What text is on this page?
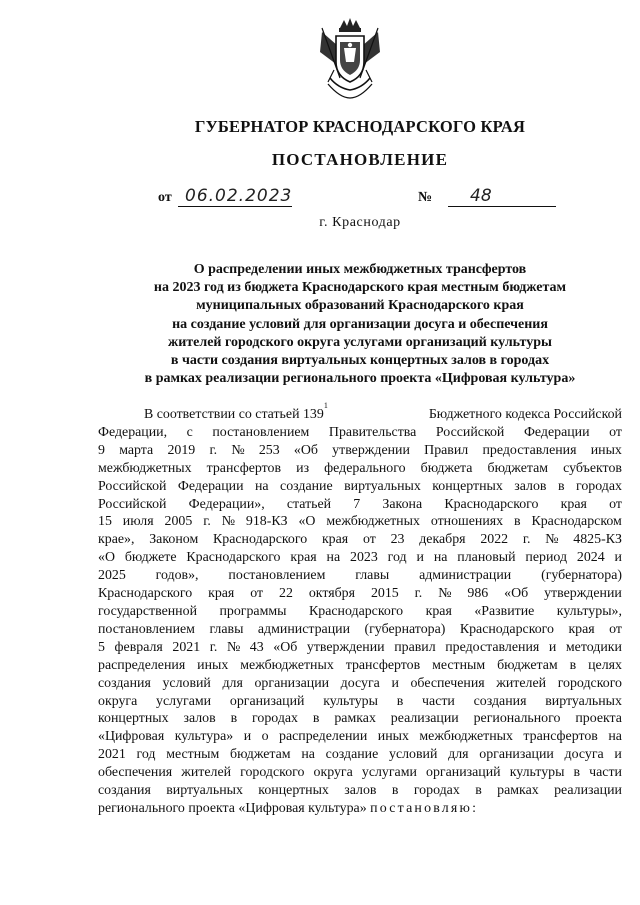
ГУБЕРНАТОР КРАСНОДАРСКОГО КРАЯ
ПОСТАНОВЛЕНИЕ
от 06.02.2023	№ 48
г. Краснодар
О распределении иных межбюджетных трансфертов
на 2023 год из бюджета Краснодарского края местным бюджетам
муниципальных образований Краснодарского края
на создание условий для организации досуга и обеспечения
жителей городского округа услугами организаций культуры
в части создания виртуальных концертных залов в городах
в рамках реализации регионального проекта «Цифровая культура»
В соответствии со статьей 139
1
Бюджетного кодекса Российской
Федерации, с постановлением Правительства Российской Федерации от
9 марта 2019 г. № 253 «Об утверждении Правил предоставления иных
межбюджетных трансфертов из федерального бюджета бюджетам субъектов
Российской Федерации на создание виртуальных концертных залов в городах
Российской Федерации», статьей 7 Закона Краснодарского края от
15 июля 2005 г. № 918-КЗ «О межбюджетных отношениях в Краснодарском
крае», Законом Краснодарского края от 23 декабря 2022 г. № 4825-КЗ
«О бюджете Краснодарского края на 2023 год и на плановый период 2024 и
2025 годов», постановлением главы администрации (губернатора)
Краснодарского края от 22 октября 2015 г. № 986 «Об утверждении
государственной программы Краснодарского края «Развитие культуры»,
постановлением главы администрации (губернатора) Краснодарского края от
5 февраля 2021 г. № 43 «Об утверждении правил предоставления и методики
распределения иных межбюджетных трансфертов местным бюджетам в целях
создания условий для организации досуга и обеспечения жителей городского
округа услугами организаций культуры в части создания виртуальных
концертных залов в городах в рамках реализации регионального проекта
«Цифровая культура» и о распределении иных межбюджетных трансфертов на
2021 год местным бюджетам на создание условий для организации досуга и
обеспечения жителей городского округа услугами организаций культуры в части
создания виртуальных концертных залов в городах в рамках реализации
регионального проекта «Цифровая культура»
постановляю:
